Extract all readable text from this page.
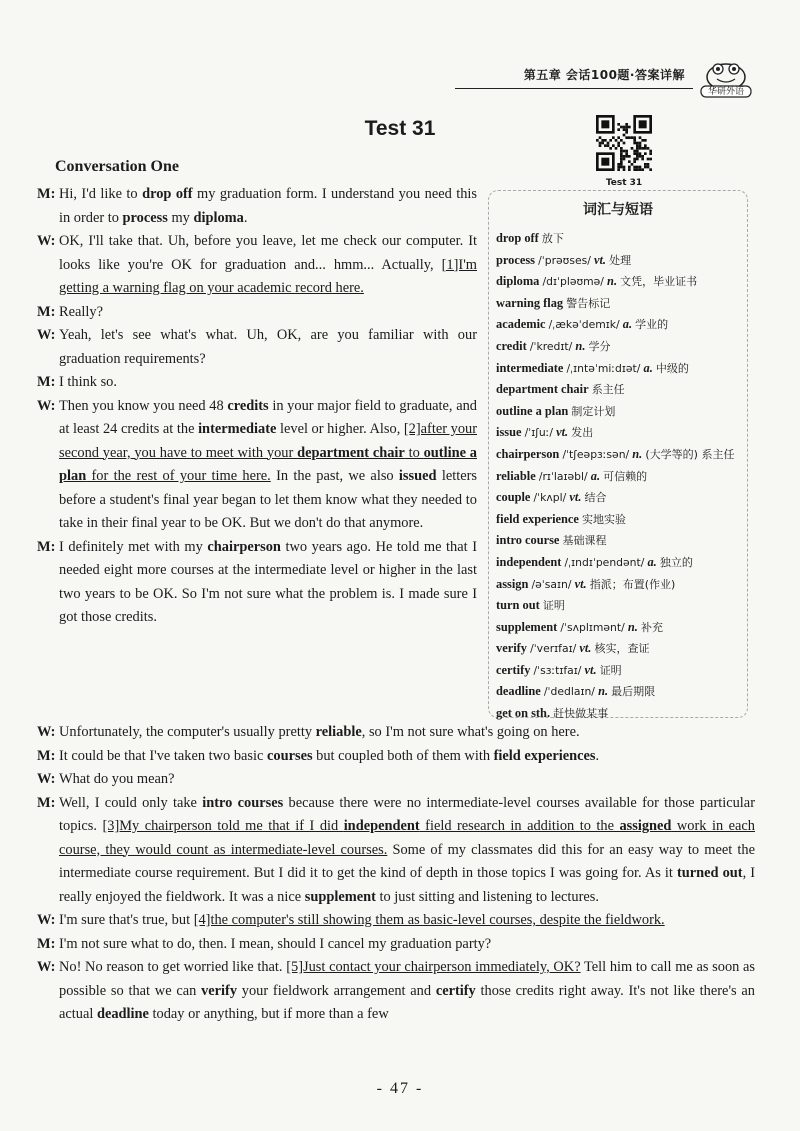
第五章 会话100题·答案详解
华研外语
Test 31
Test 31
Conversation One
M: Hi, I'd like to drop off my graduation form. I understand you need this in order to process my diploma.
W: OK, I'll take that. Uh, before you leave, let me check our computer. It looks like you're OK for graduation and... hmm... Actually, [1]I'm getting a warning flag on your academic record here.
M: Really?
W: Yeah, let's see what's what. Uh, OK, are you familiar with our graduation requirements?
M: I think so.
W: Then you know you need 48 credits in your major field to graduate, and at least 24 credits at the intermediate level or higher. Also, [2]after your second year, you have to meet with your department chair to outline a plan for the rest of your time here. In the past, we also issued letters before a student's final year began to let them know what they needed to take in their final year to be OK. But we don't do that anymore.
M: I definitely met with my chairperson two years ago. He told me that I needed eight more courses at the intermediate level or higher in the last two years to be OK. So I'm not sure what the problem is. I made sure I got those credits.
W: Unfortunately, the computer's usually pretty reliable, so I'm not sure what's going on here.
M: It could be that I've taken two basic courses but coupled both of them with field experiences.
W: What do you mean?
M: Well, I could only take intro courses because there were no intermediate-level courses available for those particular topics. [3]My chairperson told me that if I did independent field research in addition to the assigned work in each course, they would count as intermediate-level courses. Some of my classmates did this for an easy way to meet the intermediate course requirement. But I did it to get the kind of depth in those topics I was going for. As it turned out, I really enjoyed the fieldwork. It was a nice supplement to just sitting and listening to lectures.
W: I'm sure that's true, but [4]the computer's still showing them as basic-level courses, despite the fieldwork.
M: I'm not sure what to do, then. I mean, should I cancel my graduation party?
W: No! No reason to get worried like that. [5]Just contact your chairperson immediately, OK? Tell him to call me as soon as possible so that we can verify your fieldwork arrangement and certify those credits right away. It's not like there's an actual deadline today or anything, but if more than a few
词汇与短语
drop off 放下
process /ˈprəʊses/ vt. 处理
diploma /dɪˈpləʊmə/ n. 文凭，毕业证书
warning flag 警告标记
academic /ˌækəˈdemɪk/ a. 学业的
credit /ˈkredɪt/ n. 学分
intermediate /ˌɪntəˈmiːdɪət/ a. 中级的
department chair 系主任
outline a plan 制定计划
issue /ˈɪʃuː/ vt. 发出
chairperson /ˈtʃeəpɜːsən/ n. (大学等的) 系主任
reliable /rɪˈlaɪəbl/ a. 可信赖的
couple /ˈkʌpl/ vt. 结合
field experience 实地实验
intro course 基础课程
independent /ˌɪndɪˈpendənt/ a. 独立的
assign /əˈsaɪn/ vt. 指派；布置(作业)
turn out 证明
supplement /ˈsʌplɪmənt/ n. 补充
verify /ˈverɪfaɪ/ vt. 核实，查证
certify /ˈsɜːtɪfaɪ/ vt. 证明
deadline /ˈdedlaɪn/ n. 最后期限
get on sth. 赶快做某事
- 47 -
